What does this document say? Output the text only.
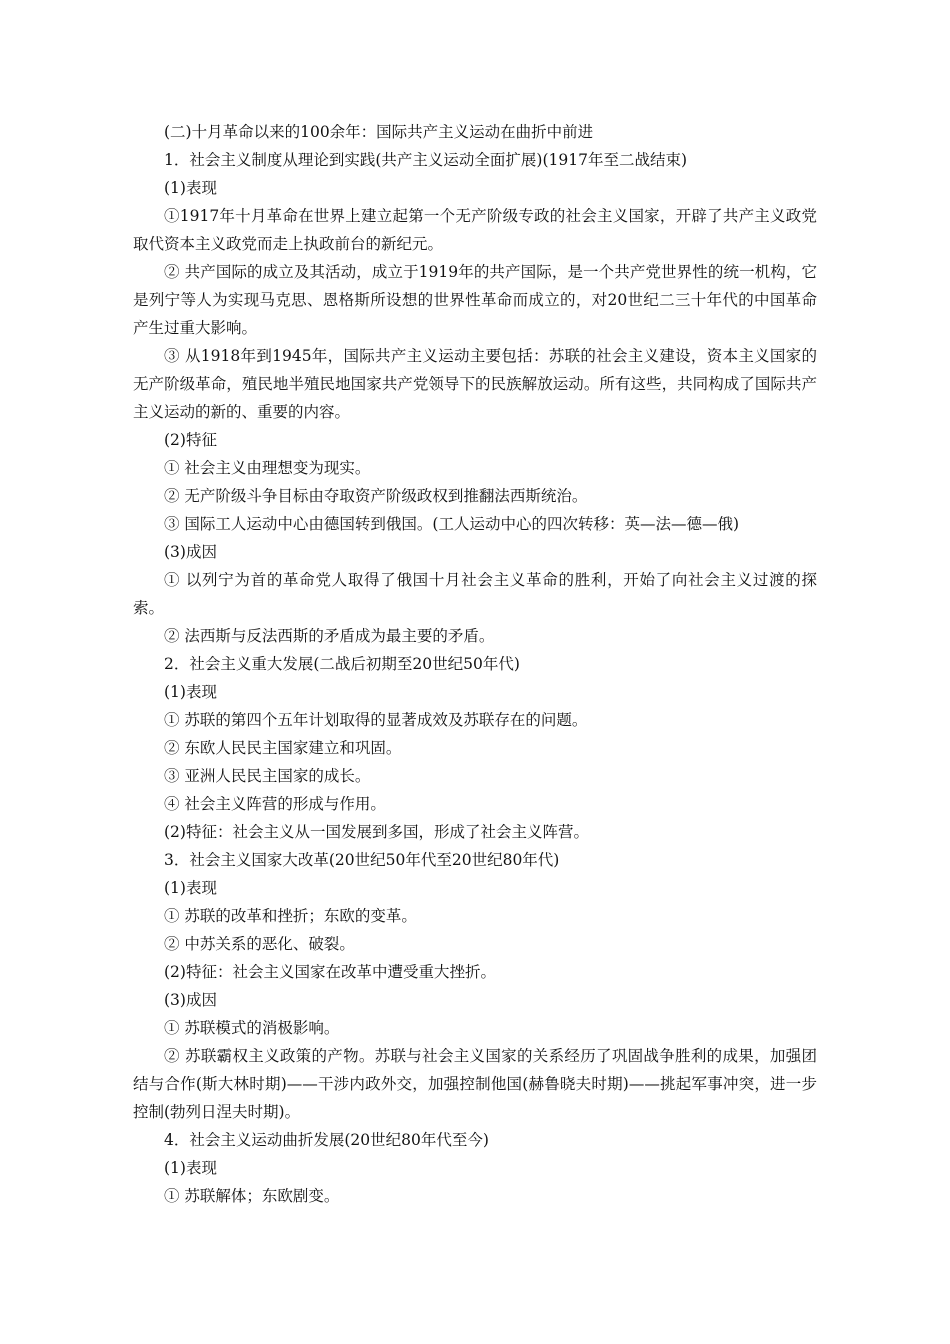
(二)十月革命以来的100余年：国际共产主义运动在曲折中前进

1．社会主义制度从理论到实践(共产主义运动全面扩展)(1917年至二战结束)

(1)表现

①1917年十月革命在世界上建立起第一个无产阶级专政的社会主义国家，开辟了共产主义政党取代资本主义政党而走上执政前台的新纪元。

② 共产国际的成立及其活动，成立于1919年的共产国际，是一个共产党世界性的统一机构，它是列宁等人为实现马克思、恩格斯所设想的世界性革命而成立的，对20世纪二三十年代的中国革命产生过重大影响。

③ 从1918年到1945年，国际共产主义运动主要包括：苏联的社会主义建设，资本主义国家的无产阶级革命，殖民地半殖民地国家共产党领导下的民族解放运动。所有这些，共同构成了国际共产主义运动的新的、重要的内容。

(2)特征

① 社会主义由理想变为现实。

② 无产阶级斗争目标由夺取资产阶级政权到推翻法西斯统治。

③ 国际工人运动中心由德国转到俄国。(工人运动中心的四次转移：英—法—德—俄)

(3)成因

① 以列宁为首的革命党人取得了俄国十月社会主义革命的胜利，开始了向社会主义过渡的探索。

② 法西斯与反法西斯的矛盾成为最主要的矛盾。

2．社会主义重大发展(二战后初期至20世纪50年代)

(1)表现

① 苏联的第四个五年计划取得的显著成效及苏联存在的问题。

② 东欧人民民主国家建立和巩固。

③ 亚洲人民民主国家的成长。

④ 社会主义阵营的形成与作用。

(2)特征：社会主义从一国发展到多国，形成了社会主义阵营。

3．社会主义国家大改革(20世纪50年代至20世纪80年代)

(1)表现

① 苏联的改革和挫折；东欧的变革。

② 中苏关系的恶化、破裂。

(2)特征：社会主义国家在改革中遭受重大挫折。

(3)成因

① 苏联模式的消极影响。

② 苏联霸权主义政策的产物。苏联与社会主义国家的关系经历了巩固战争胜利的成果，加强团结与合作(斯大林时期)——干涉内政外交，加强控制他国(赫鲁晓夫时期)——挑起军事冲突，进一步控制(勃列日涅夫时期)。

4．社会主义运动曲折发展(20世纪80年代至今)

(1)表现

① 苏联解体；东欧剧变。
